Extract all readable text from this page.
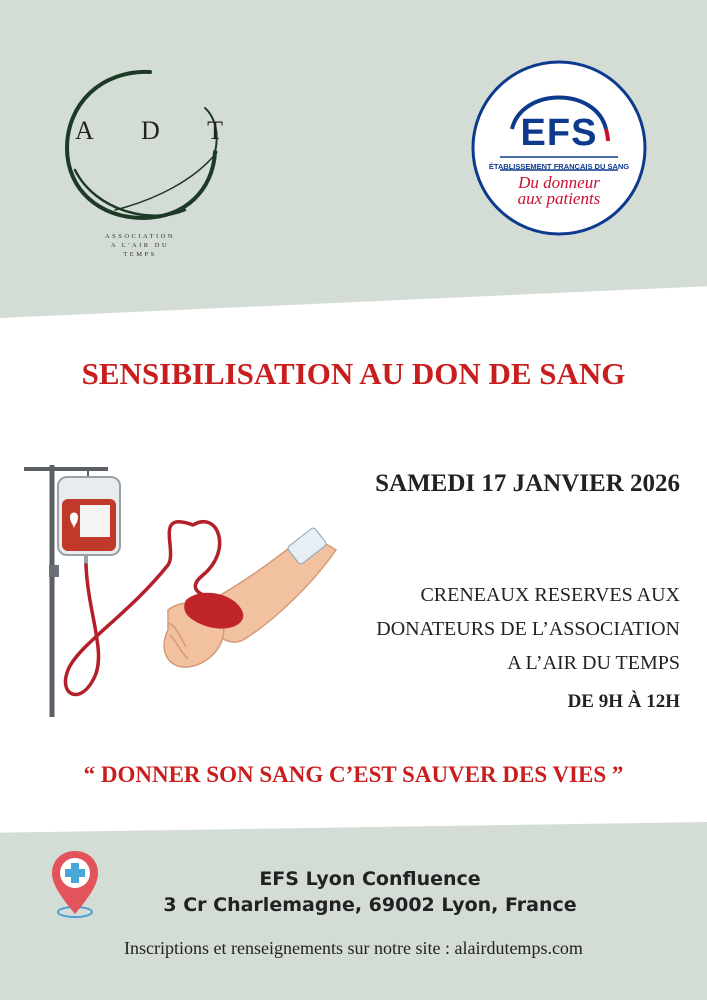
A D T
ASSOCIATION
A L'AIR DU
TEMPS
EFS
ÉTABLISSEMENT FRANÇAIS DU SANG
Du donneur
aux patients
SENSIBILISATION AU DON DE SANG
SAMEDI 17 JANVIER 2026
CRENEAUX RESERVES AUX
DONATEURS DE L’ASSOCIATION
A L’AIR DU TEMPS
DE 9H À 12H
“ DONNER SON SANG C’EST SAUVER DES VIES ”
EFS Lyon Confluence
3 Cr Charlemagne, 69002 Lyon, France
Inscriptions et renseignements sur notre site : alairdutemps.com
